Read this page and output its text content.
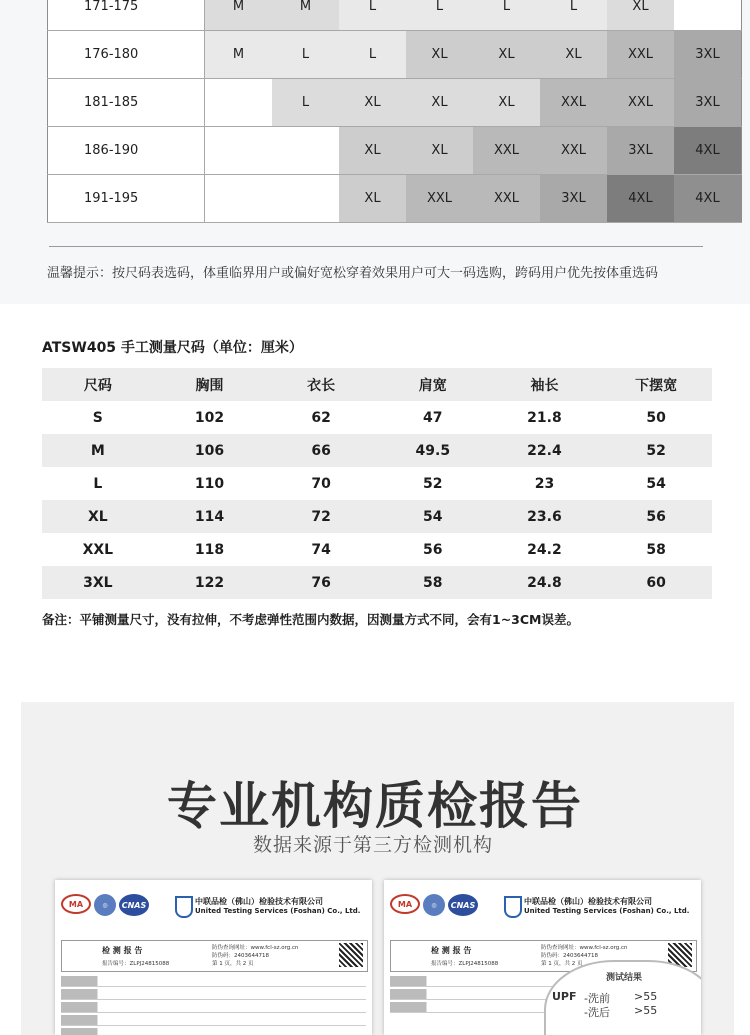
171-175	M	M	L	L	L	L	XL	
176-180	M	L	L	XL	XL	XL	XXL	3XL
181-185		L	XL	XL	XL	XXL	XXL	3XL
186-190			XL	XL	XXL	XXL	3XL	4XL
191-195			XL	XXL	XXL	3XL	4XL	4XL
温馨提示：按尺码表选码，体重临界用户或偏好宽松穿着效果用户可大一码选购，跨码用户优先按体重选码
ATSW405 手工测量尺码（单位：厘米）
尺码	胸围	衣长	肩宽	袖长	下摆宽
S	102	62	47	21.8	50
M	106	66	49.5	22.4	52
L	110	70	52	23	54
XL	114	72	54	23.6	56
XXL	118	74	56	24.2	58
3XL	122	76	58	24.8	60
备注：平铺测量尺寸，没有拉伸，不考虑弹性范围内数据，因测量方式不同，会有1~3CM误差。
专业机构质检报告
数据来源于第三方检测机构
MA	◎	CNAS	中联品检（佛山）检验技术有限公司
United Testing Services (Foshan) Co., Ltd.
检 测 报 告	防伪查询网址：www.fcl-sz.org.cn
防伪码：2403644718
报告编号：ZLPJ24815088	第 1 页，共 2 页
MA	◎	CNAS	中联品检（佛山）检验技术有限公司
United Testing Services (Foshan) Co., Ltd.
检 测 报 告	防伪查询网址：www.fcl-sz.org.cn
防伪码：2403644718
报告编号：ZLPJ24815088	第 1 页，共 2 页
测试结果
UPF -洗前 >55
-洗后 >55
